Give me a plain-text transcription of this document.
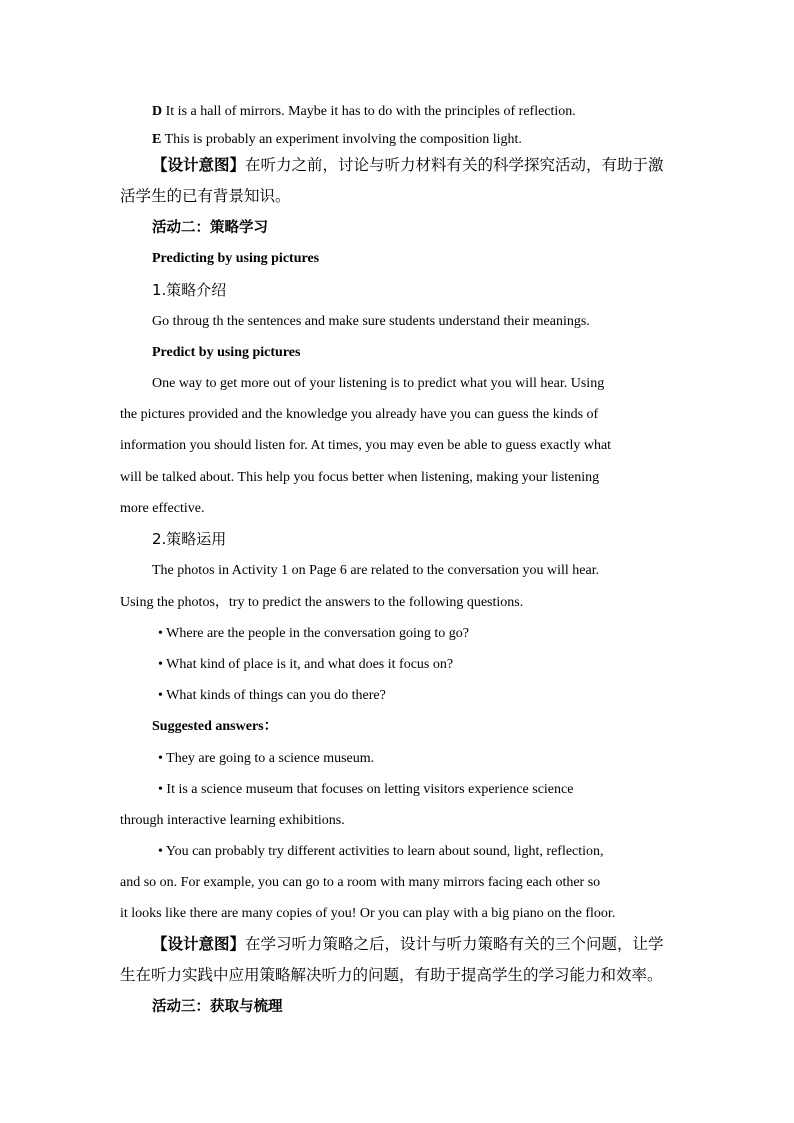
D It is a hall of mirrors. Maybe it has to do with the principles of reflection.
E This is probably an experiment involving the composition light.
【设计意图】在听力之前，讨论与听力材料有关的科学探究活动，有助于激
活学生的已有背景知识。
活动二：策略学习
Predicting by using pictures
1.策略介绍
Go throug th the sentences and make sure students understand their meanings.
Predict by using pictures
One way to get more out of your listening is to predict what you will hear. Using
the pictures provided and the knowledge you already have you can guess the kinds of
information you should listen for. At times, you may even be able to guess exactly what
will be talked about. This help you focus better when listening, making your listening
more effective.
2.策略运用
The photos in Activity 1 on Page 6 are related to the conversation you will hear.
Using the photos，try to predict the answers to the following questions.
• Where are the people in the conversation going to go?
• What kind of place is it, and what does it focus on?
• What kinds of things can you do there?
Suggested answers：
• They are going to a science museum.
• It is a science museum that focuses on letting visitors experience science
through interactive learning exhibitions.
• You can probably try different activities to learn about sound, light, reflection,
and so on. For example, you can go to a room with many mirrors facing each other so
it looks like there are many copies of you! Or you can play with a big piano on the floor.
【设计意图】在学习听力策略之后，设计与听力策略有关的三个问题，让学
生在听力实践中应用策略解决听力的问题，有助于提高学生的学习能力和效率。
活动三：获取与梳理
